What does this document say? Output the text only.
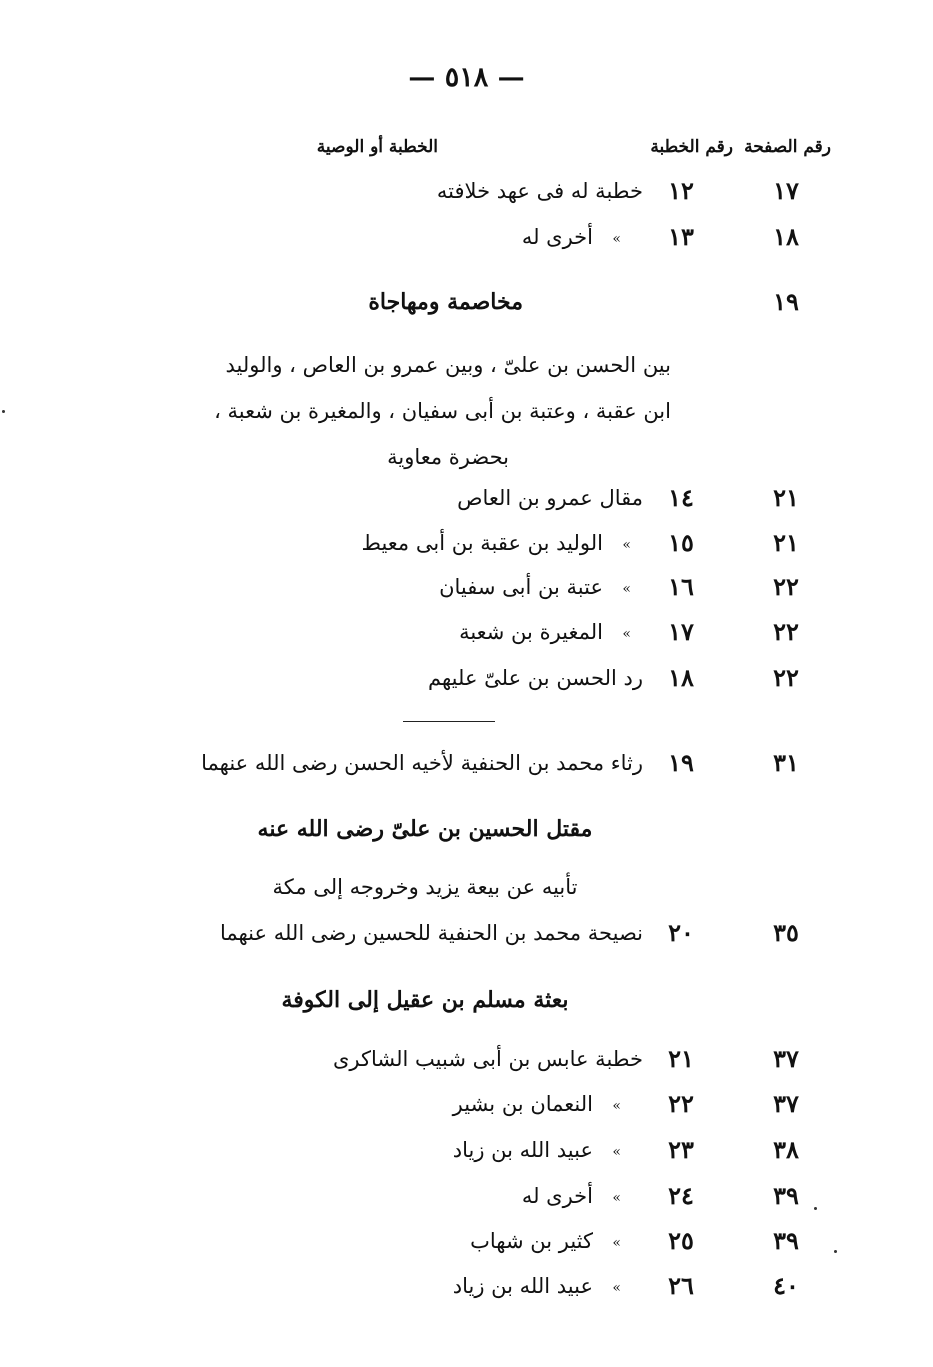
— ٥١٨ —
رقم الصفحة
رقم الخطبة
الخطبة أو الوصية
١٧
١٢
خطبة له فى عهد خلافته
١٨
١٣
»
أخرى له
١٩
مخاصمة ومهاجاة
بين الحسن بن علىّ ، وبين عمرو بن العاص ، والوليد
ابن عقبة ، وعتبة بن أبى سفيان ، والمغيرة بن شعبة ،
بحضرة معاوية
٢١
١٤
مقال عمرو بن العاص
٢١
١٥
»
الوليد بن عقبة بن أبى معيط
٢٢
١٦
»
عتبة بن أبى سفيان
٢٢
١٧
»
المغيرة بن شعبة
٢٢
١٨
رد الحسن بن علىّ عليهم
٣١
١٩
رثاء محمد بن الحنفية لأخيه الحسن رضى الله عنهما
مقتل الحسين بن علىّ رضى الله عنه
تأبيه عن بيعة يزيد وخروجه إلى مكة
٣٥
٢٠
نصيحة محمد بن الحنفية للحسين رضى الله عنهما
بعثة مسلم بن عقيل إلى الكوفة
٣٧
٢١
خطبة عابس بن أبى شبيب الشاكرى
٣٧
٢٢
»
النعمان بن بشير
٣٨
٢٣
»
عبيد الله بن زياد
٣٩
٢٤
»
أخرى له
٣٩
٢٥
»
كثير بن شهاب
٤٠
٢٦
»
عبيد الله بن زياد
